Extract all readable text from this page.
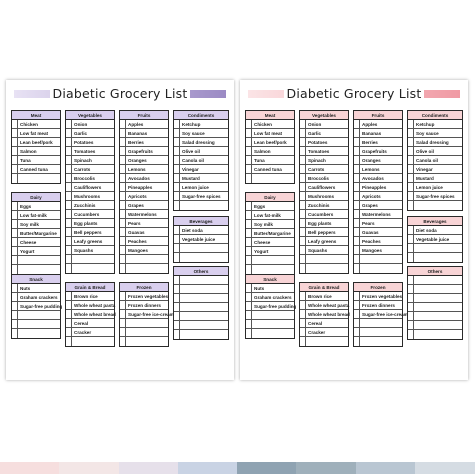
Diabetic Grocery List
Meat
Chicken
Low fat meat
Lean beef/pork
Salmon
Tuna
Canned tuna
Vegetables
Onion
Garlic
Potatoes
Tomatoes
Spinach
Carrots
Broccolis
Cauliflowers
Mushrooms
Zucchinis
Cucumbers
Egg plants
Bell peppers
Leafy greens
Squashs
Fruits
Apples
Bananas
Berries
Grapefruits
Oranges
Lemons
Avocados
Pineapples
Apricots
Grapes
Watermelons
Pears
Guavas
Peaches
Mangoes
Condiments
Ketchup
Soy sauce
Salad dressing
Olive oil
Canola oil
Vinegar
Mustard
Lemon juice
Sugar-free spices
Dairy
Eggs
Low fat-milk
Soy milk
Butter/Margarine
Cheese
Yogurt
Beverages
Diet soda
Vegetable juice
Others
Snack
Nuts
Graham crackers
Sugar-free pudding
Grain & Bread
Brown rice
Whole wheat pasta
Whole wheat bread
Cereal
Cracker
Frozen
Frozen vegetables
Frozen dinners
Sugar-free ice-cream
Diabetic Grocery List
Meat
Chicken
Low fat meat
Lean beef/pork
Salmon
Tuna
Canned tuna
Vegetables
Onion
Garlic
Potatoes
Tomatoes
Spinach
Carrots
Broccolis
Cauliflowers
Mushrooms
Zucchinis
Cucumbers
Egg plants
Bell peppers
Leafy greens
Squashs
Fruits
Apples
Bananas
Berries
Grapefruits
Oranges
Lemons
Avocados
Pineapples
Apricots
Grapes
Watermelons
Pears
Guavas
Peaches
Mangoes
Condiments
Ketchup
Soy sauce
Salad dressing
Olive oil
Canola oil
Vinegar
Mustard
Lemon juice
Sugar-free spices
Dairy
Eggs
Low fat-milk
Soy milk
Butter/Margarine
Cheese
Yogurt
Beverages
Diet soda
Vegetable juice
Others
Snack
Nuts
Graham crackers
Sugar-free pudding
Grain & Bread
Brown rice
Whole wheat pasta
Whole wheat bread
Cereal
Cracker
Frozen
Frozen vegetables
Frozen dinners
Sugar-free ice-cream
